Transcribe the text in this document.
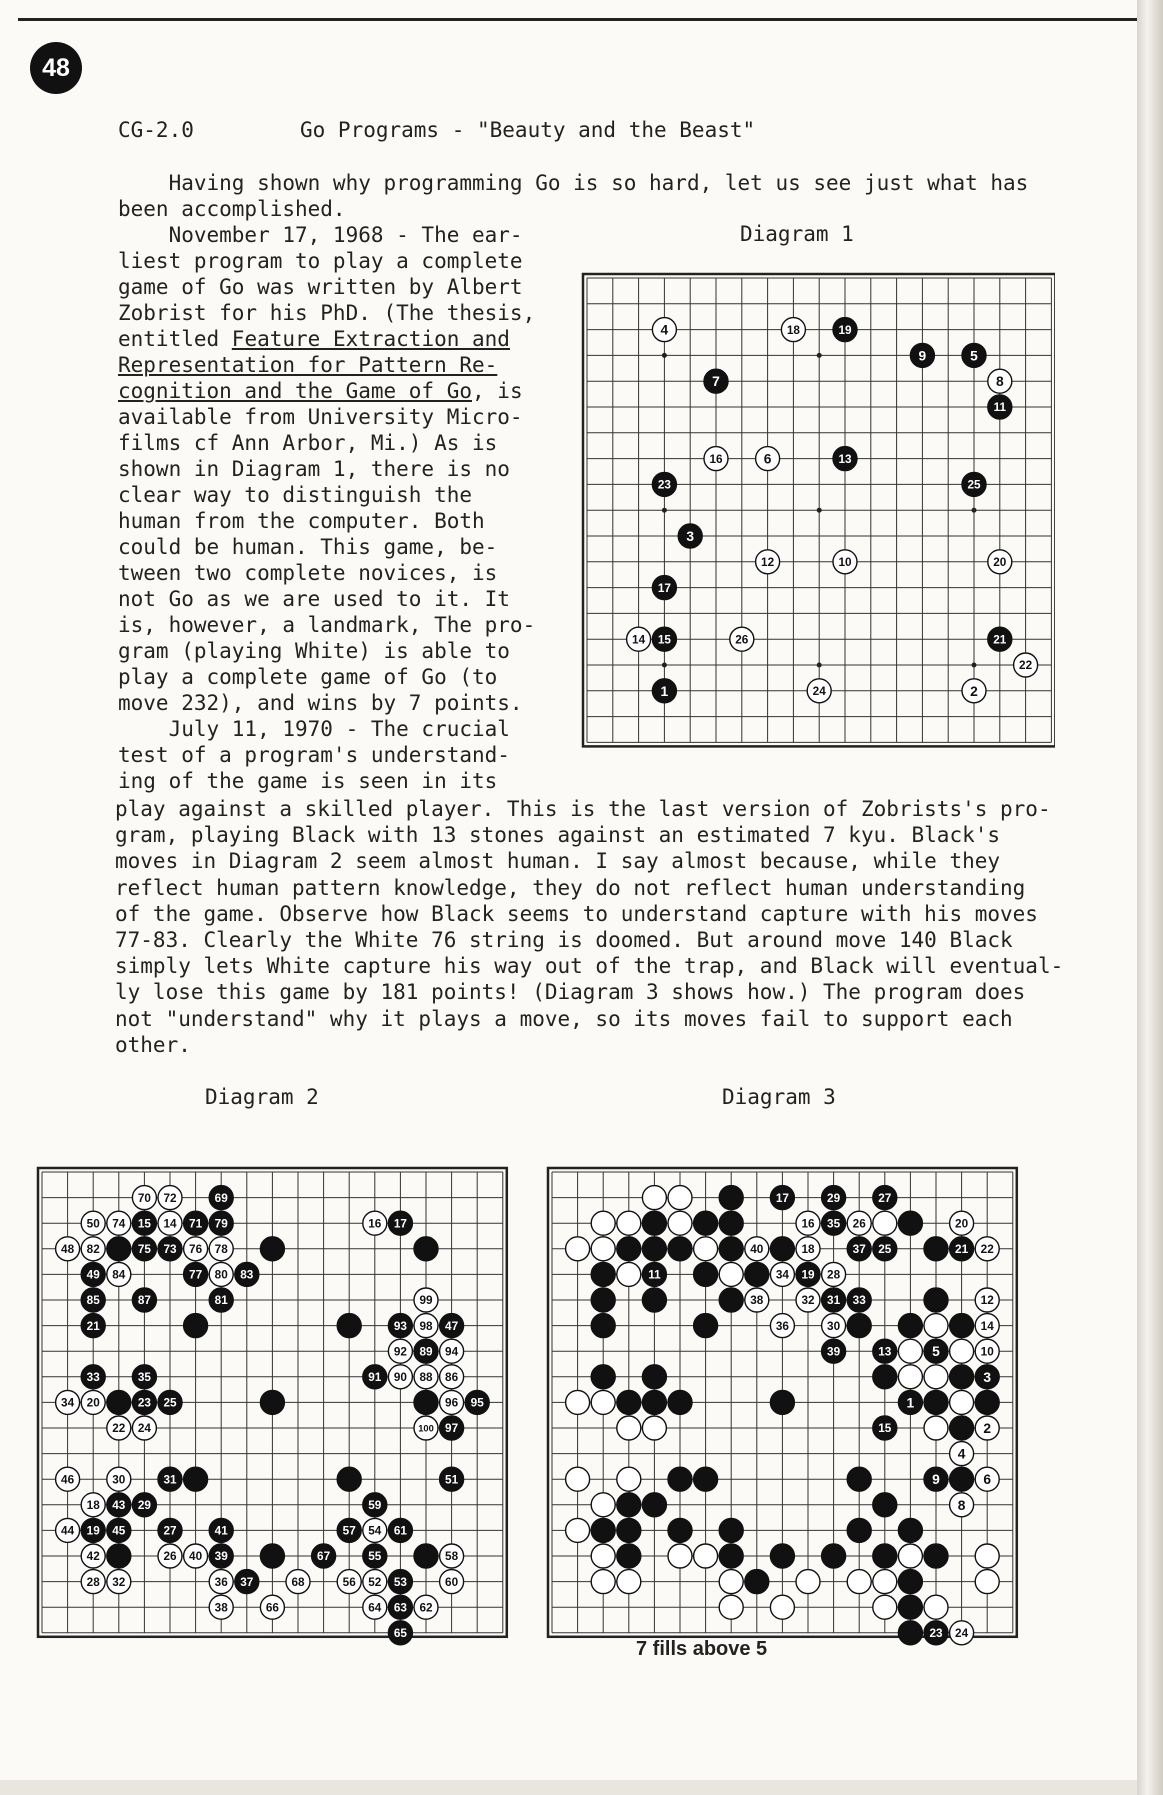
48
CG-2.0	Go Programs - "Beauty and the Beast"
Having shown why programming Go is so hard, let us see just what has
been accomplished.
November 17, 1968 - The ear-
liest program to play a complete
game of Go was written by Albert
Zobrist for his PhD. (The thesis,
entitled Feature Extraction and
Representation for Pattern Re-
cognition and the Game of Go, is
available from University Micro-
films cf Ann Arbor, Mi.) As is
shown in Diagram 1, there is no
clear way to distinguish the
human from the computer. Both
could be human. This game, be-
tween two complete novices, is
not Go as we are used to it. It
is, however, a landmark, The pro-
gram (playing White) is able to
play a complete game of Go (to
move 232), and wins by 7 points.
July 11, 1970 - The crucial
test of a program's understand-
ing of the game is seen in its
play against a skilled player. This is the last version of Zobrists's pro-
gram, playing Black with 13 stones against an estimated 7 kyu. Black's
moves in Diagram 2 seem almost human. I say almost because, while they
reflect human pattern knowledge, they do not reflect human understanding
of the game. Observe how Black seems to understand capture with his moves
77-83. Clearly the White 76 string is doomed. But around move 140 Black
simply lets White capture his way out of the trap, and Black will eventual-
ly lose this game by 181 points! (Diagram 3 shows how.) The program does
not "understand" why it plays a move, so its moves fail to support each
other.
Diagram 1
4	18	19
9	5
8
7
11
16	6	13
23	25
3
12	10	20
17
14 15	26	21
22
1	24	2
Diagram 2
70 72	69
50 74 15 14 71 79	16 17
48 82	75 73 76 78
49 84	77 80 83
85	87	81	99
21	93 98 47
92 89 94
33	35	91 90 88 86
34 20	23 25	96 95
22 24	100 97
46	30	31	51
18 43 29	59
44 19 45	27	41	57 54 61
42	26 40 39	67	55	58
28 32	36 37	68	56 52 53	60
38	66	64 63 62
65
Diagram 3
17	29	27
16 35 26	20
40	18	37 25	21 22
11	34 19 28
38	32 31 33	12
36	30	14
39	13	5	10
3
1
15	2
4
9	6
8
23 24
7 fills above 5
